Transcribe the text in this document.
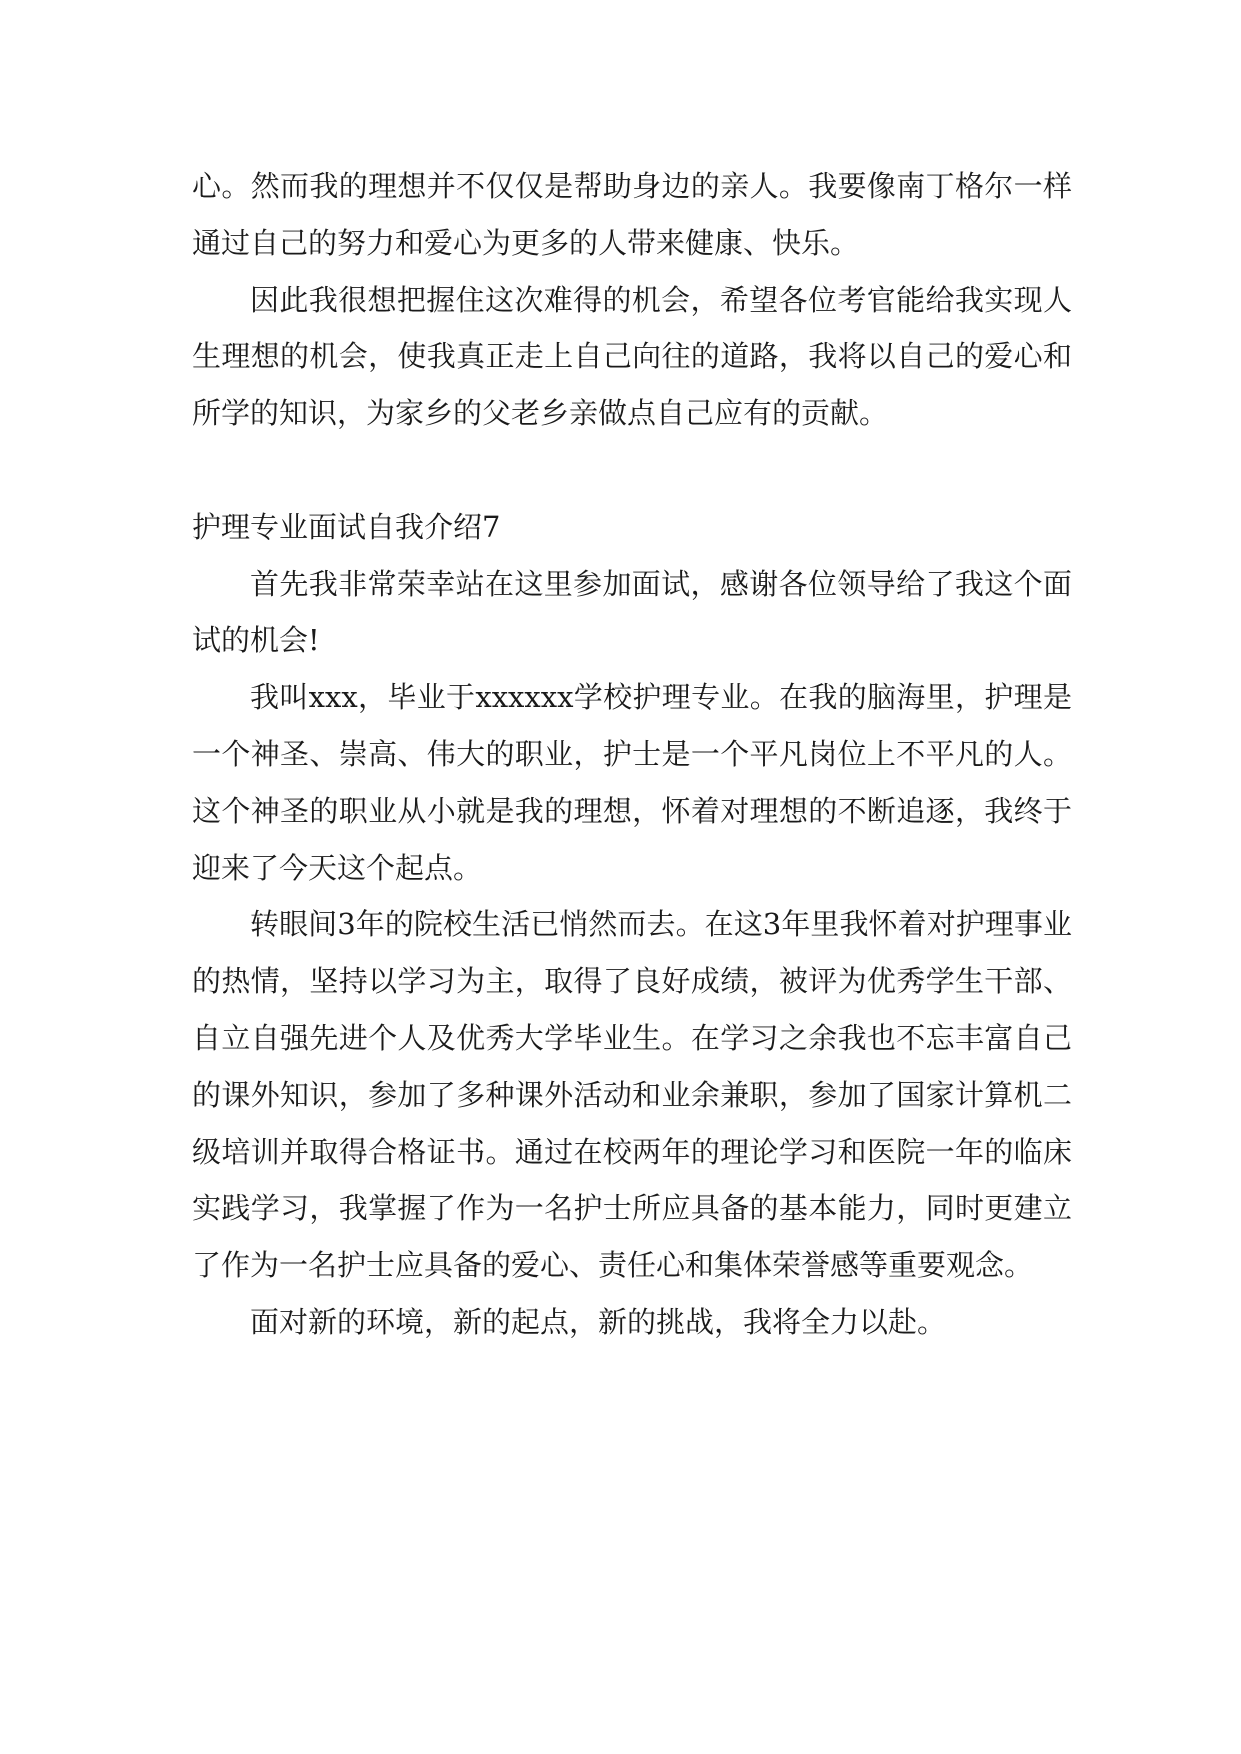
心。然而我的理想并不仅仅是帮助身边的亲人。我要像南丁格尔一样通过自己的努力和爱心为更多的人带来健康、快乐。

因此我很想把握住这次难得的机会，希望各位考官能给我实现人生理想的机会，使我真正走上自己向往的道路，我将以自己的爱心和所学的知识，为家乡的父老乡亲做点自己应有的贡献。

护理专业面试自我介绍7

首先我非常荣幸站在这里参加面试，感谢各位领导给了我这个面试的机会!

我叫xxx，毕业于xxxxxx学校护理专业。在我的脑海里，护理是一个神圣、崇高、伟大的职业，护士是一个平凡岗位上不平凡的人。这个神圣的职业从小就是我的理想，怀着对理想的不断追逐，我终于迎来了今天这个起点。

转眼间3年的院校生活已悄然而去。在这3年里我怀着对护理事业的热情，坚持以学习为主，取得了良好成绩，被评为优秀学生干部、自立自强先进个人及优秀大学毕业生。在学习之余我也不忘丰富自己的课外知识，参加了多种课外活动和业余兼职，参加了国家计算机二级培训并取得合格证书。通过在校两年的理论学习和医院一年的临床实践学习，我掌握了作为一名护士所应具备的基本能力，同时更建立了作为一名护士应具备的爱心、责任心和集体荣誉感等重要观念。

面对新的环境，新的起点，新的挑战，我将全力以赴。
